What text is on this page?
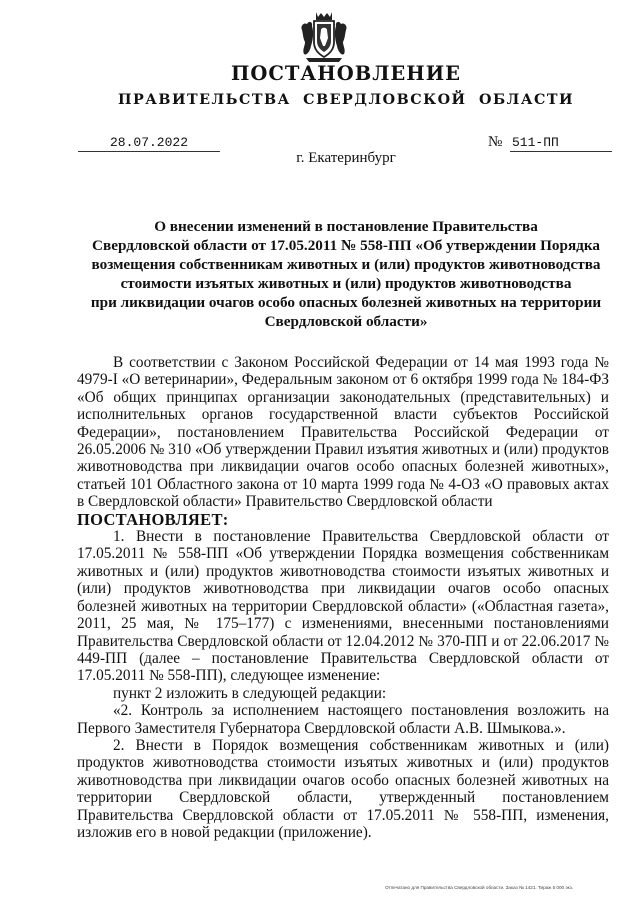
ПОСТАНОВЛЕНИЕ
ПРАВИТЕЛЬСТВА СВЕРДЛОВСКОЙ ОБЛАСТИ
28.07.2022	№ 511-ПП
г. Екатеринбург
О внесении изменений в постановление Правительства
Свердловской области от 17.05.2011 № 558-ПП «Об утверждении Порядка
возмещения собственникам животных и (или) продуктов животноводства
стоимости изъятых животных и (или) продуктов животноводства
при ликвидации очагов особо опасных болезней животных на территории
Свердловской области»

В соответствии с Законом Российской Федерации от 14 мая 1993 года № 4979-I «О ветеринарии», Федеральным законом от 6 октября 1999 года № 184-ФЗ «Об общих принципах организации законодательных (представительных) и исполнительных органов государственной власти субъектов Российской Федерации», постановлением Правительства Российской Федерации от 26.05.2006 № 310 «Об утверждении Правил изъятия животных и (или) продуктов животноводства при ликвидации очагов особо опасных болезней животных», статьей 101 Областного закона от 10 марта 1999 года № 4-ОЗ «О правовых актах в Свердловской области» Правительство Свердловской области

ПОСТАНОВЛЯЕТ:

1. Внести в постановление Правительства Свердловской области от 17.05.2011 № 558-ПП «Об утверждении Порядка возмещения собственникам животных и (или) продуктов животноводства стоимости изъятых животных и (или) продуктов животноводства при ликвидации очагов особо опасных болезней животных на территории Свердловской области» («Областная газета», 2011, 25 мая, № 175–177) с изменениями, внесенными постановлениями Правительства Свердловской области от 12.04.2012 № 370-ПП и от 22.06.2017 № 449-ПП (далее – постановление Правительства Свердловской области от 17.05.2011 № 558-ПП), следующее изменение:

пункт 2 изложить в следующей редакции:

«2. Контроль за исполнением настоящего постановления возложить на Первого Заместителя Губернатора Свердловской области А.В. Шмыкова.».

2. Внести в Порядок возмещения собственникам животных и (или) продуктов животноводства стоимости изъятых животных и (или) продуктов животноводства при ликвидации очагов особо опасных болезней животных на территории Свердловской области, утвержденный постановлением Правительства Свердловской области от 17.05.2011 № 558-ПП, изменения, изложив его в новой редакции (приложение).

Отпечатано для Правительства Свердловской области. Заказ № 1421. Тираж 5 000 экз.
